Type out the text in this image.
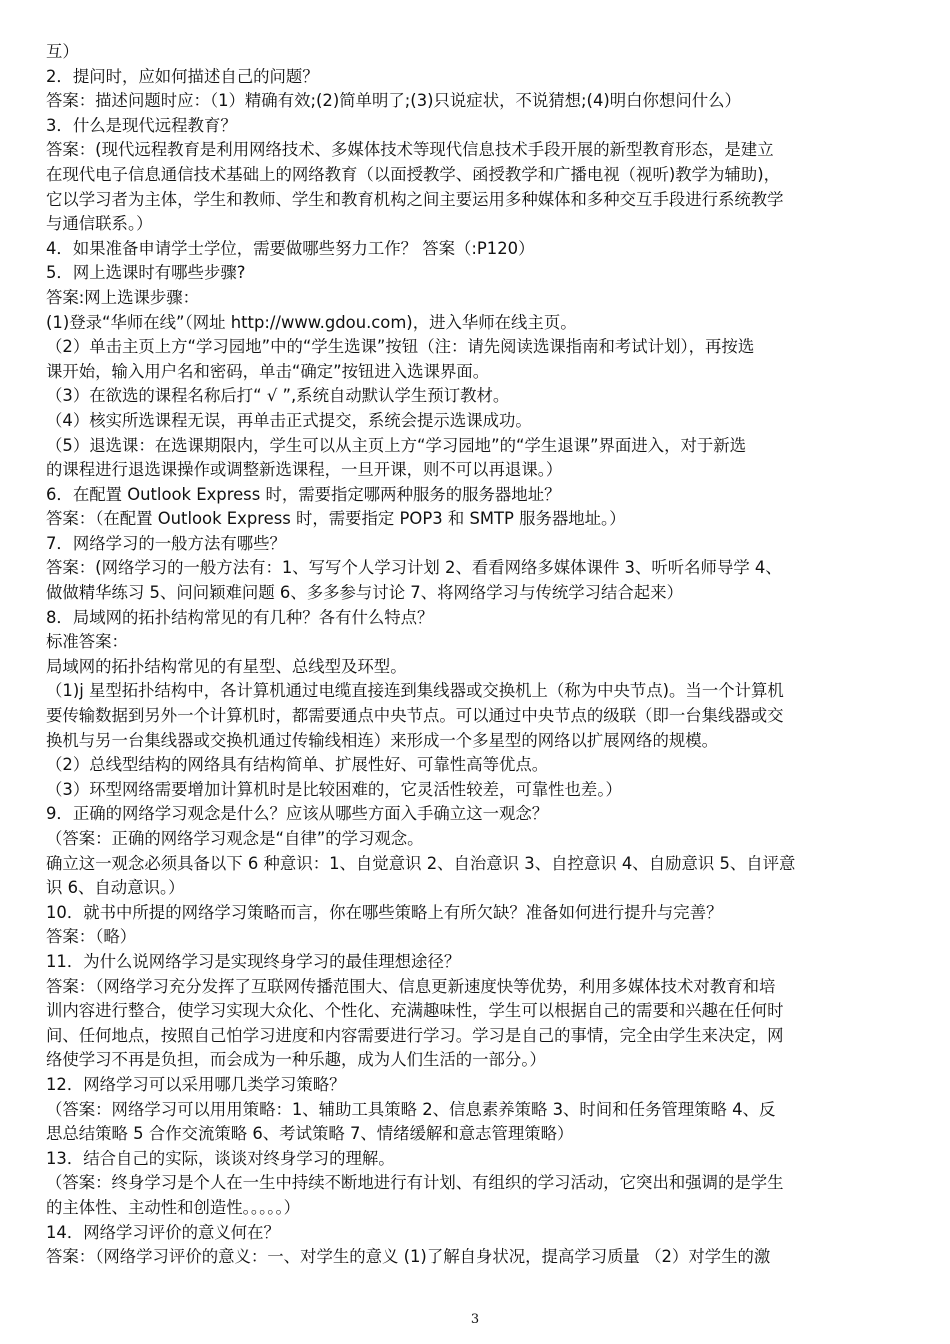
互）
2．提问时，应如何描述自己的问题？
答案：描述问题时应：（1）精确有效;(2)简单明了;(3)只说症状，不说猜想;(4)明白你想问什么）
3．什么是现代远程教育？
答案：(现代远程教育是利用网络技术、多媒体技术等现代信息技术手段开展的新型教育形态，是建立
在现代电子信息通信技术基础上的网络教育（以面授教学、函授教学和广播电视（视听)教学为辅助)，
它以学习者为主体，学生和教师、学生和教育机构之间主要运用多种媒体和多种交互手段进行系统教学
与通信联系。）
4．如果准备申请学士学位，需要做哪些努力工作？ 答案（:P120）
5．网上选课时有哪些步骤?
答案:网上选课步骤：
(1)登录“华师在线”（网址 http://www.gdou.com)，进入华师在线主页。
（2）单击主页上方“学习园地”中的“学生选课”按钮（注：请先阅读选课指南和考试计划），再按选
课开始，输入用户名和密码，单击“确定”按钮进入选课界面。
（3）在欲选的课程名称后打“ √ ”,系统自动默认学生预订教材。
（4）核实所选课程无误，再单击正式提交，系统会提示选课成功。
（5）退选课：在选课期限内，学生可以从主页上方“学习园地”的“学生退课”界面进入，对于新选
的课程进行退选课操作或调整新选课程，一旦开课，则不可以再退课。）
6．在配置 Outlook Express 时，需要指定哪两种服务的服务器地址？
答案：（在配置 Outlook Express 时，需要指定 POP3 和 SMTP 服务器地址。）
7．网络学习的一般方法有哪些？
答案：(网络学习的一般方法有：1、写写个人学习计划 2、看看网络多媒体课件 3、听听名师导学 4、
做做精华练习 5、问问颖难问题 6、多多参与讨论 7、将网络学习与传统学习结合起来）
8．局域网的拓扑结构常见的有几种？各有什么特点？
标准答案：
局域网的拓扑结构常见的有星型、总线型及环型。
（1)j 星型拓扑结构中，各计算机通过电缆直接连到集线器或交换机上（称为中央节点)。当一个计算机
要传输数据到另外一个计算机时，都需要通点中央节点。可以通过中央节点的级联（即一台集线器或交
换机与另一台集线器或交换机通过传输线相连）来形成一个多星型的网络以扩展网络的规模。
（2）总线型结构的网络具有结构简单、扩展性好、可靠性高等优点。
（3）环型网络需要增加计算机时是比较困难的，它灵活性较差，可靠性也差。）
9．正确的网络学习观念是什么？应该从哪些方面入手确立这一观念？
（答案：正确的网络学习观念是“自律”的学习观念。
确立这一观念必须具备以下 6 种意识：1、自觉意识 2、自治意识 3、自控意识 4、自励意识 5、自评意
识 6、自动意识。）
10．就书中所提的网络学习策略而言，你在哪些策略上有所欠缺？准备如何进行提升与完善？
答案：（略）
11．为什么说网络学习是实现终身学习的最佳理想途径？
答案：（网络学习充分发挥了互联网传播范围大、信息更新速度快等优势，利用多媒体技术对教育和培
训内容进行整合，使学习实现大众化、个性化、充满趣味性，学生可以根据自己的需要和兴趣在任何时
间、任何地点，按照自己怕学习进度和内容需要进行学习。学习是自己的事情，完全由学生来决定，网
络使学习不再是负担，而会成为一种乐趣，成为人们生活的一部分。）
12．网络学习可以采用哪几类学习策略？
（答案：网络学习可以用用策略：1、辅助工具策略 2、信息素养策略 3、时间和任务管理策略 4、反
思总结策略 5 合作交流策略 6、考试策略 7、情绪缓解和意志管理策略）
13．结合自己的实际，谈谈对终身学习的理解。
（答案：终身学习是个人在一生中持续不断地进行有计划、有组织的学习活动，它突出和强调的是学生
的主体性、主动性和创造性。。。。。）
14．网络学习评价的意义何在？
答案：（网络学习评价的意义：一、对学生的意义 (1)了解自身状况，提高学习质量 （2）对学生的激
3
